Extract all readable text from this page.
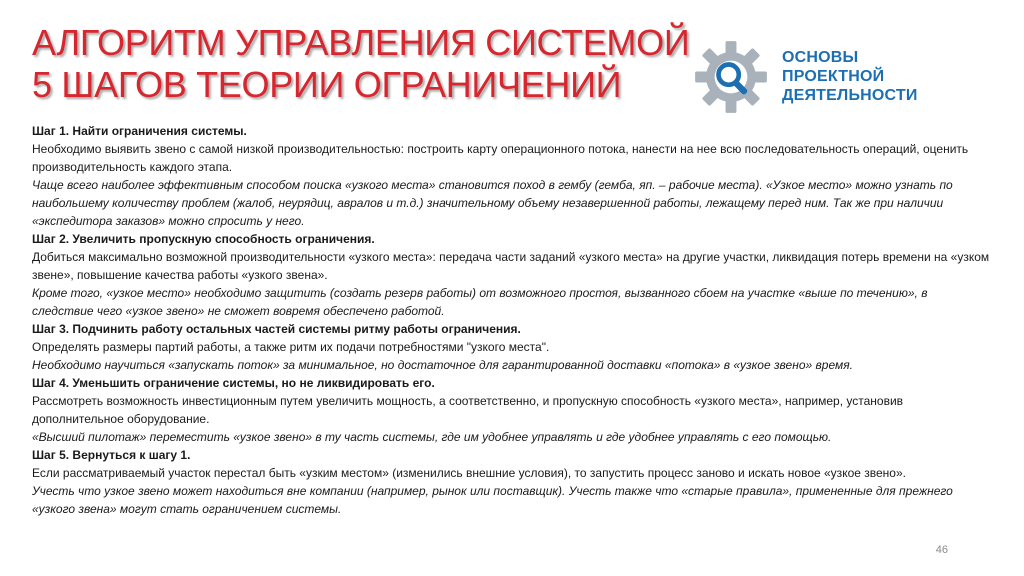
АЛГОРИТМ УПРАВЛЕНИЯ СИСТЕМОЙ
5 ШАГОВ ТЕОРИИ ОГРАНИЧЕНИЙ
ОСНОВЫ
ПРОЕКТНОЙ
ДЕЯТЕЛЬНОСТИ

Шаг 1. Найти ограничения системы.

Необходимо выявить звено с самой низкой производительностью: построить карту операционного потока, нанести на нее всю последовательность операций, оценить производительность каждого этапа.

Чаще всего наиболее эффективным способом поиска «узкого места» становится поход в гембу (гемба, яп. – рабочие места). «Узкое место» можно узнать по наибольшему количеству проблем (жалоб, неурядиц, авралов и т.д.) значительному объему незавершенной работы, лежащему перед ним. Так же при наличии «экспедитора заказов» можно спросить у него.

Шаг 2. Увеличить пропускную способность ограничения.

Добиться максимально возможной производительности «узкого места»: передача части заданий «узкого места» на другие участки, ликвидация потерь времени на «узком звене», повышение качества работы «узкого звена».

Кроме того, «узкое место» необходимо защитить (создать резерв работы) от возможного простоя, вызванного сбоем на участке «выше по течению», в следствие чего «узкое звено» не сможет вовремя обеспечено работой.

Шаг 3. Подчинить работу остальных частей системы ритму работы ограничения.

Определять размеры партий работы, а также ритм их подачи потребностями "узкого места".

Необходимо научиться «запускать поток» за минимальное, но достаточное для гарантированной доставки «потока» в «узкое звено» время.

Шаг 4. Уменьшить ограничение системы, но не ликвидировать его.

Рассмотреть возможность инвестиционным путем увеличить мощность, а соответственно, и пропускную способность «узкого места», например, установив дополнительное оборудование.

«Высший пилотаж» переместить «узкое звено» в ту часть системы, где им удобнее управлять и где удобнее управлять с его помощью.

Шаг 5. Вернуться к шагу 1.

Если рассматриваемый участок перестал быть «узким местом» (изменились внешние условия), то запустить процесс заново и искать новое «узкое звено».

Учесть что узкое звено может находиться вне компании (например, рынок или поставщик). Учесть также что «старые правила», примененные для прежнего «узкого звена» могут стать ограничением системы.

46
